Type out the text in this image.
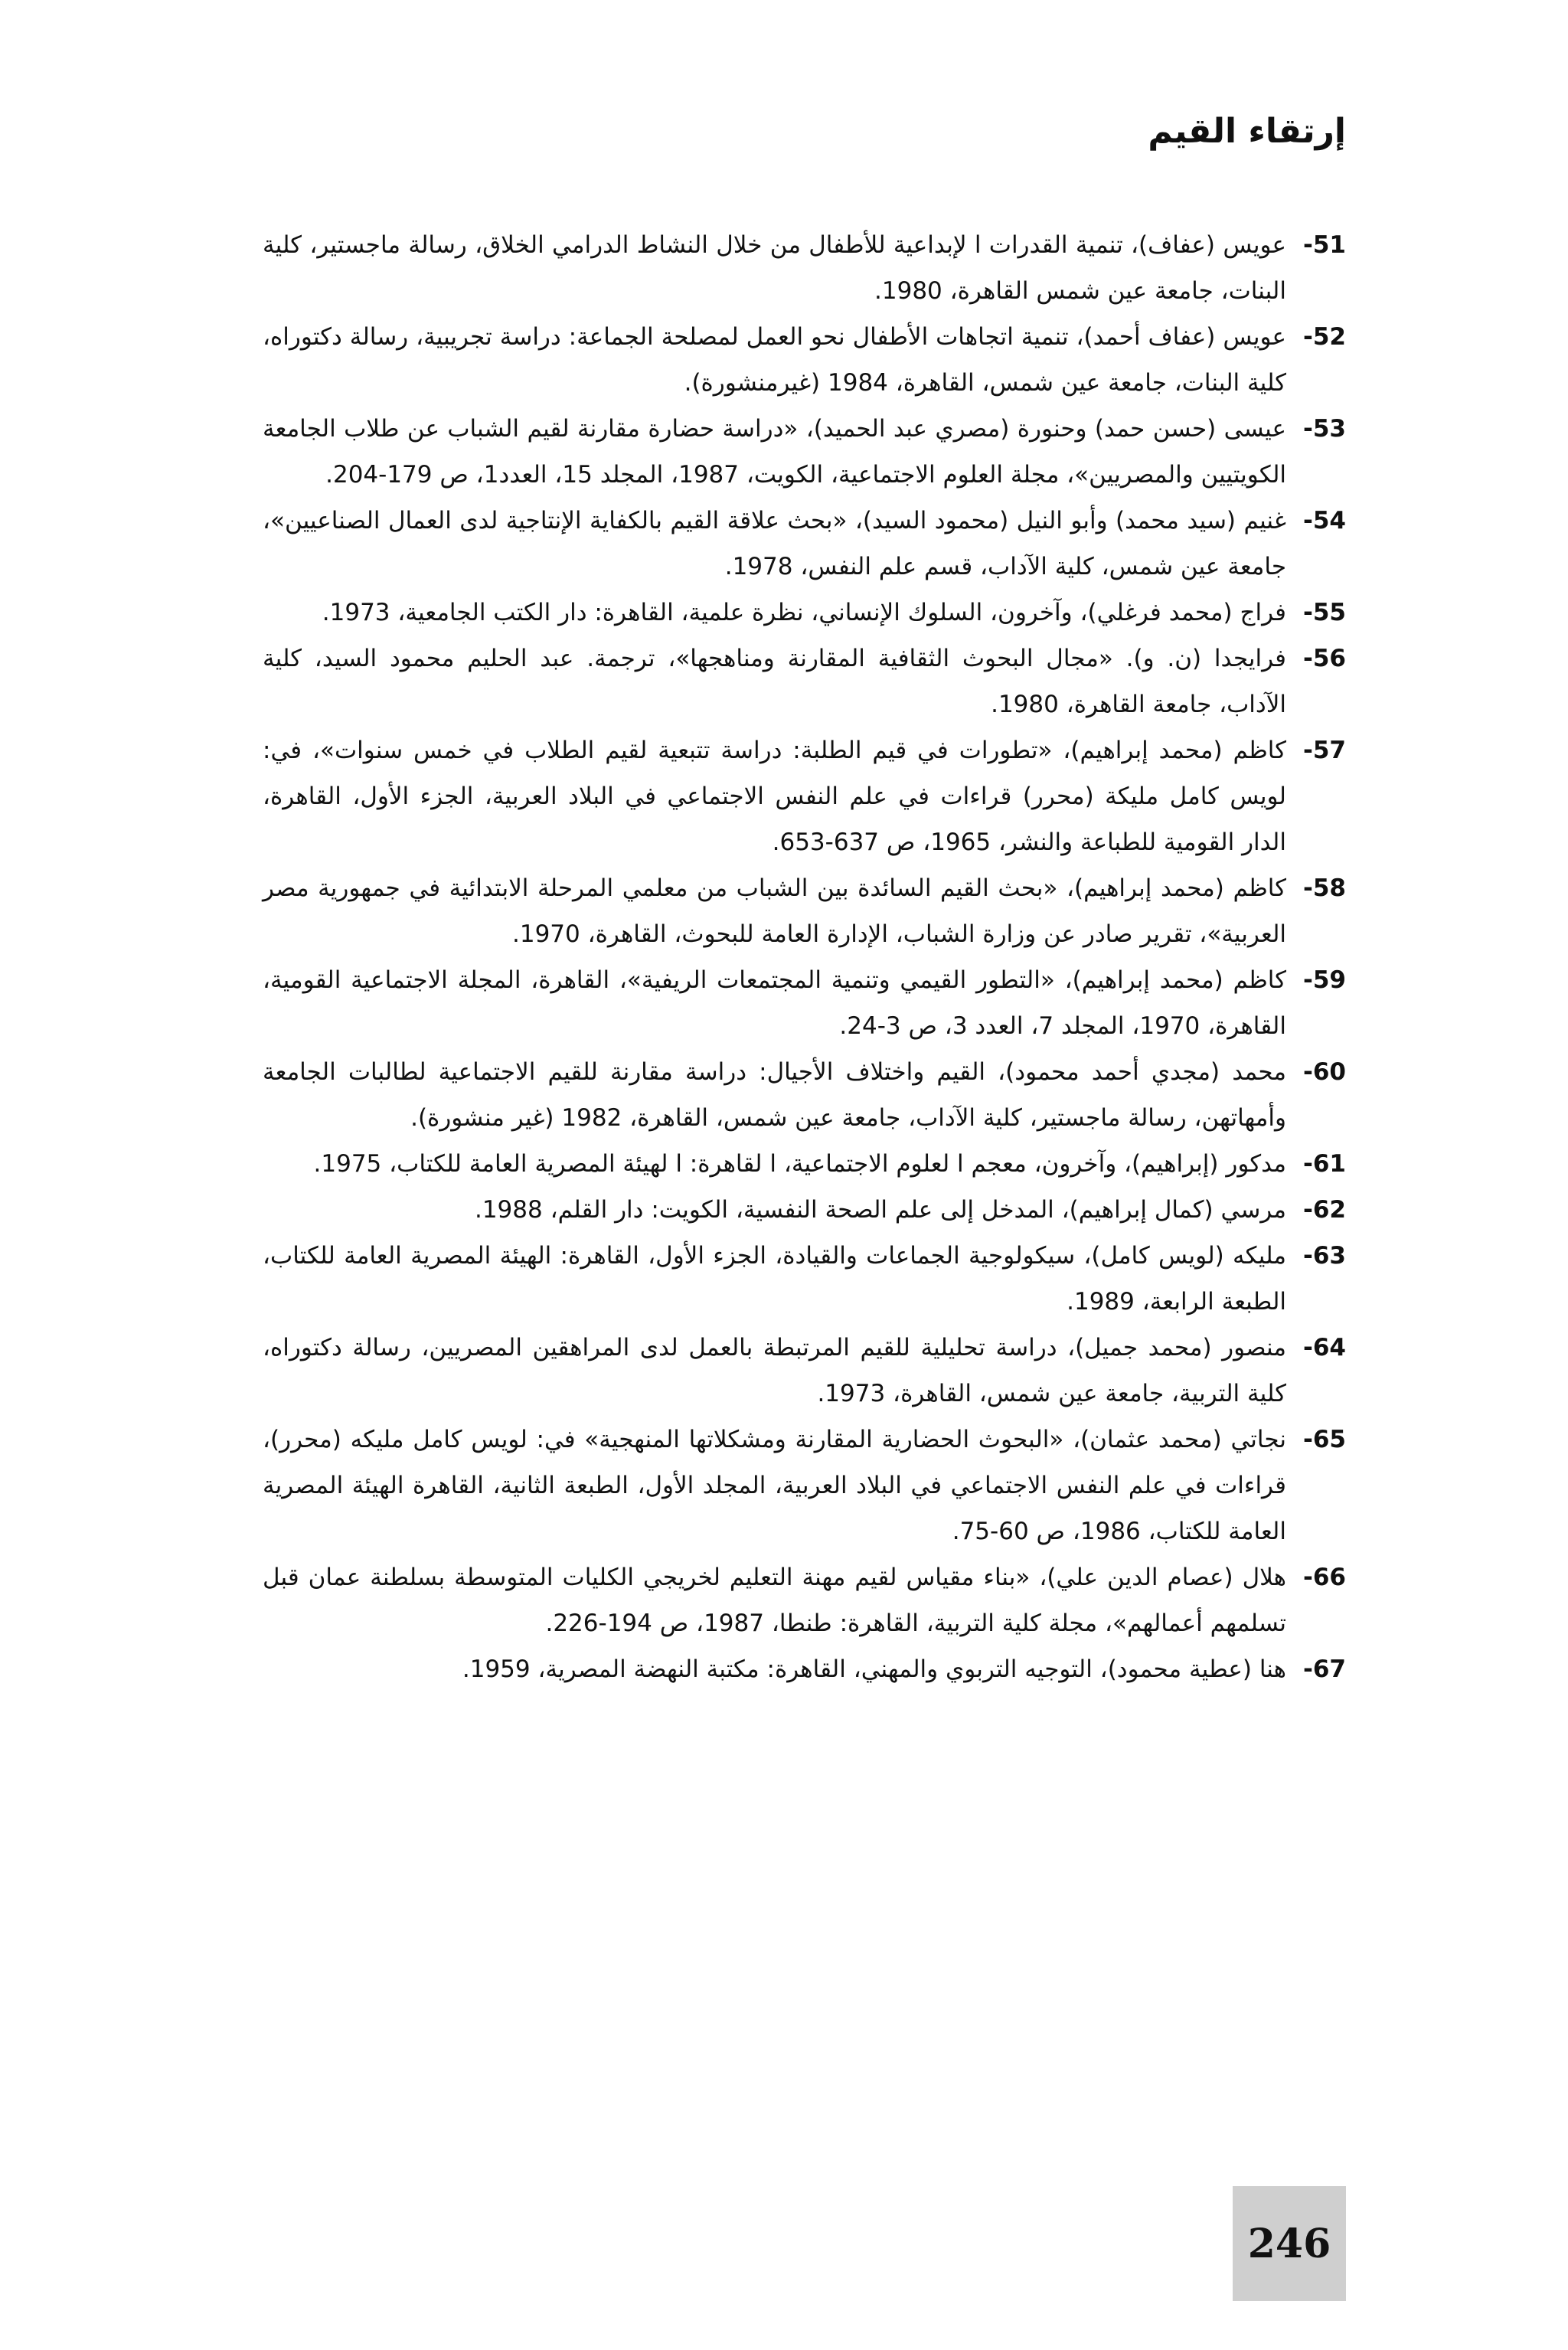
إرتقاء القيم
51-
عويس (عفاف)، تنمية القدرات ا لإبداعية للأطفال من خلال النشاط الدرامي الخلاق، رسالة ماجستير، كلية البنات، جامعة عين شمس القاهرة، 1980.
52-
عويس (عفاف أحمد)، تنمية اتجاهات الأطفال نحو العمل لمصلحة الجماعة: دراسة تجريبية، رسالة دكتوراه، كلية البنات، جامعة عين شمس، القاهرة، 1984 (غيرمنشورة).
53-
عيسى (حسن حمد) وحنورة (مصري عبد الحميد)، «دراسة حضارة مقارنة لقيم الشباب عن طلاب الجامعة الكويتيين والمصريين»، مجلة العلوم الاجتماعية، الكويت، 1987، المجلد 15، العدد1، ص 179-204.
54-
غنيم (سيد محمد) وأبو النيل (محمود السيد)، «بحث علاقة القيم بالكفاية الإنتاجية لدى العمال الصناعيين»، جامعة عين شمس، كلية الآداب، قسم علم النفس، 1978.
55-
فراج (محمد فرغلي)، وآخرون، السلوك الإنساني، نظرة علمية، القاهرة: دار الكتب الجامعية، 1973.
56-
فرايجدا (ن. و). «مجال البحوث الثقافية المقارنة ومناهجها»، ترجمة. عبد الحليم محمود السيد، كلية الآداب، جامعة القاهرة، 1980.
57-
كاظم (محمد إبراهيم)، «تطورات في قيم الطلبة: دراسة تتبعية لقيم الطلاب في خمس سنوات»، في: لويس كامل مليكة (محرر) قراءات في علم النفس الاجتماعي في البلاد العربية، الجزء الأول، القاهرة، الدار القومية للطباعة والنشر، 1965، ص 637-653.
58-
كاظم (محمد إبراهيم)، «بحث القيم السائدة بين الشباب من معلمي المرحلة الابتدائية في جمهورية مصر العربية»، تقرير صادر عن وزارة الشباب، الإدارة العامة للبحوث، القاهرة، 1970.
59-
كاظم (محمد إبراهيم)، «التطور القيمي وتنمية المجتمعات الريفية»، القاهرة، المجلة الاجتماعية القومية، القاهرة، 1970، المجلد 7، العدد 3، ص 3-24.
60-
محمد (مجدي أحمد محمود)، القيم واختلاف الأجيال: دراسة مقارنة للقيم الاجتماعية لطالبات الجامعة وأمهاتهن، رسالة ماجستير، كلية الآداب، جامعة عين شمس، القاهرة، 1982 (غير منشورة).
61-
مدكور (إبراهيم)، وآخرون، معجم ا لعلوم الاجتماعية، ا لقاهرة: ا لهيئة المصرية العامة للكتاب، 1975.
62-
مرسي (كمال إبراهيم)، المدخل إلى علم الصحة النفسية، الكويت: دار القلم، 1988.
63-
مليكه (لويس كامل)، سيكولوجية الجماعات والقيادة، الجزء الأول، القاهرة: الهيئة المصرية العامة للكتاب، الطبعة الرابعة، 1989.
64-
منصور (محمد جميل)، دراسة تحليلية للقيم المرتبطة بالعمل لدى المراهقين المصريين، رسالة دكتوراه، كلية التربية، جامعة عين شمس، القاهرة، 1973.
65-
نجاتي (محمد عثمان)، «البحوث الحضارية المقارنة ومشكلاتها المنهجية» في: لويس كامل مليكه (محرر)، قراءات في علم النفس الاجتماعي في البلاد العربية، المجلد الأول، الطبعة الثانية، القاهرة الهيئة المصرية العامة للكتاب، 1986، ص 60-75.
66-
هلال (عصام الدين علي)، «بناء مقياس لقيم مهنة التعليم لخريجي الكليات المتوسطة بسلطنة عمان قبل تسلمهم أعمالهم»، مجلة كلية التربية، القاهرة: طنطا، 1987، ص 194-226.
67-
هنا (عطية محمود)، التوجيه التربوي والمهني، القاهرة: مكتبة النهضة المصرية، 1959.
246
